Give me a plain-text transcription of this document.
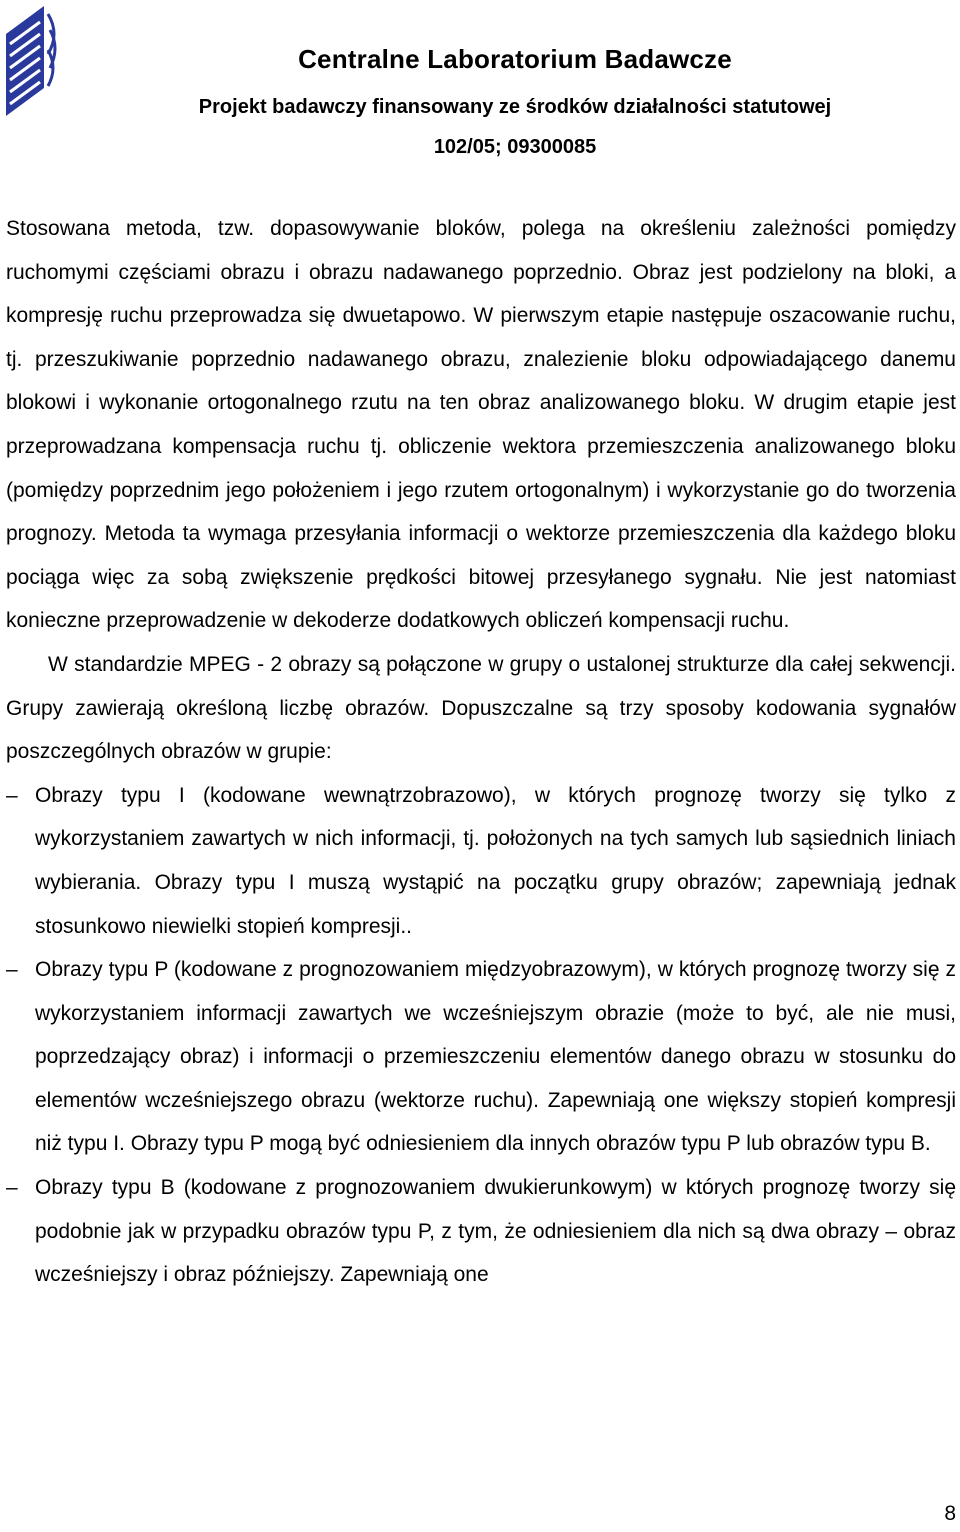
Centralne Laboratorium Badawcze
Projekt badawczy finansowany ze środków działalności statutowej
102/05; 09300085

Stosowana metoda, tzw. dopasowywanie bloków, polega na określeniu zależności pomiędzy ruchomymi częściami obrazu i obrazu nadawanego poprzednio. Obraz jest podzielony na bloki, a kompresję ruchu przeprowadza się dwuetapowo. W pierwszym etapie następuje oszacowanie ruchu, tj. przeszukiwanie poprzednio nadawanego obrazu, znalezienie bloku odpowiadającego danemu blokowi i wykonanie ortogonalnego rzutu na ten obraz analizowanego bloku. W drugim etapie jest przeprowadzana kompensacja ruchu tj. obliczenie wektora przemieszczenia analizowanego bloku (pomiędzy poprzednim jego położeniem i jego rzutem ortogonalnym) i wykorzystanie go do tworzenia prognozy. Metoda ta wymaga przesyłania informacji o wektorze przemieszczenia dla każdego bloku pociąga więc za sobą zwiększenie prędkości bitowej przesyłanego sygnału. Nie jest natomiast konieczne przeprowadzenie w dekoderze dodatkowych obliczeń kompensacji ruchu.

W standardzie MPEG - 2 obrazy są połączone w grupy o ustalonej strukturze dla całej sekwencji. Grupy zawierają określoną liczbę obrazów. Dopuszczalne są trzy sposoby kodowania sygnałów poszczególnych obrazów w grupie:

– Obrazy typu I (kodowane wewnątrzobrazowo), w których prognozę tworzy się tylko z wykorzystaniem zawartych w nich informacji, tj. położonych na tych samych lub sąsiednich liniach wybierania. Obrazy typu I muszą wystąpić na początku grupy obrazów; zapewniają jednak stosunkowo niewielki stopień kompresji..
– Obrazy typu P (kodowane z prognozowaniem międzyobrazowym), w których prognozę tworzy się z wykorzystaniem informacji zawartych we wcześniejszym obrazie (może to być, ale nie musi, poprzedzający obraz) i informacji o przemieszczeniu elementów danego obrazu w stosunku do elementów wcześniejszego obrazu (wektorze ruchu). Zapewniają one większy stopień kompresji niż typu I. Obrazy typu P mogą być odniesieniem dla innych obrazów typu P lub obrazów typu B.
– Obrazy typu B (kodowane z prognozowaniem dwukierunkowym) w których prognozę tworzy się podobnie jak w przypadku obrazów typu P, z tym, że odniesieniem dla nich są dwa obrazy – obraz wcześniejszy i obraz późniejszy. Zapewniają one
8
